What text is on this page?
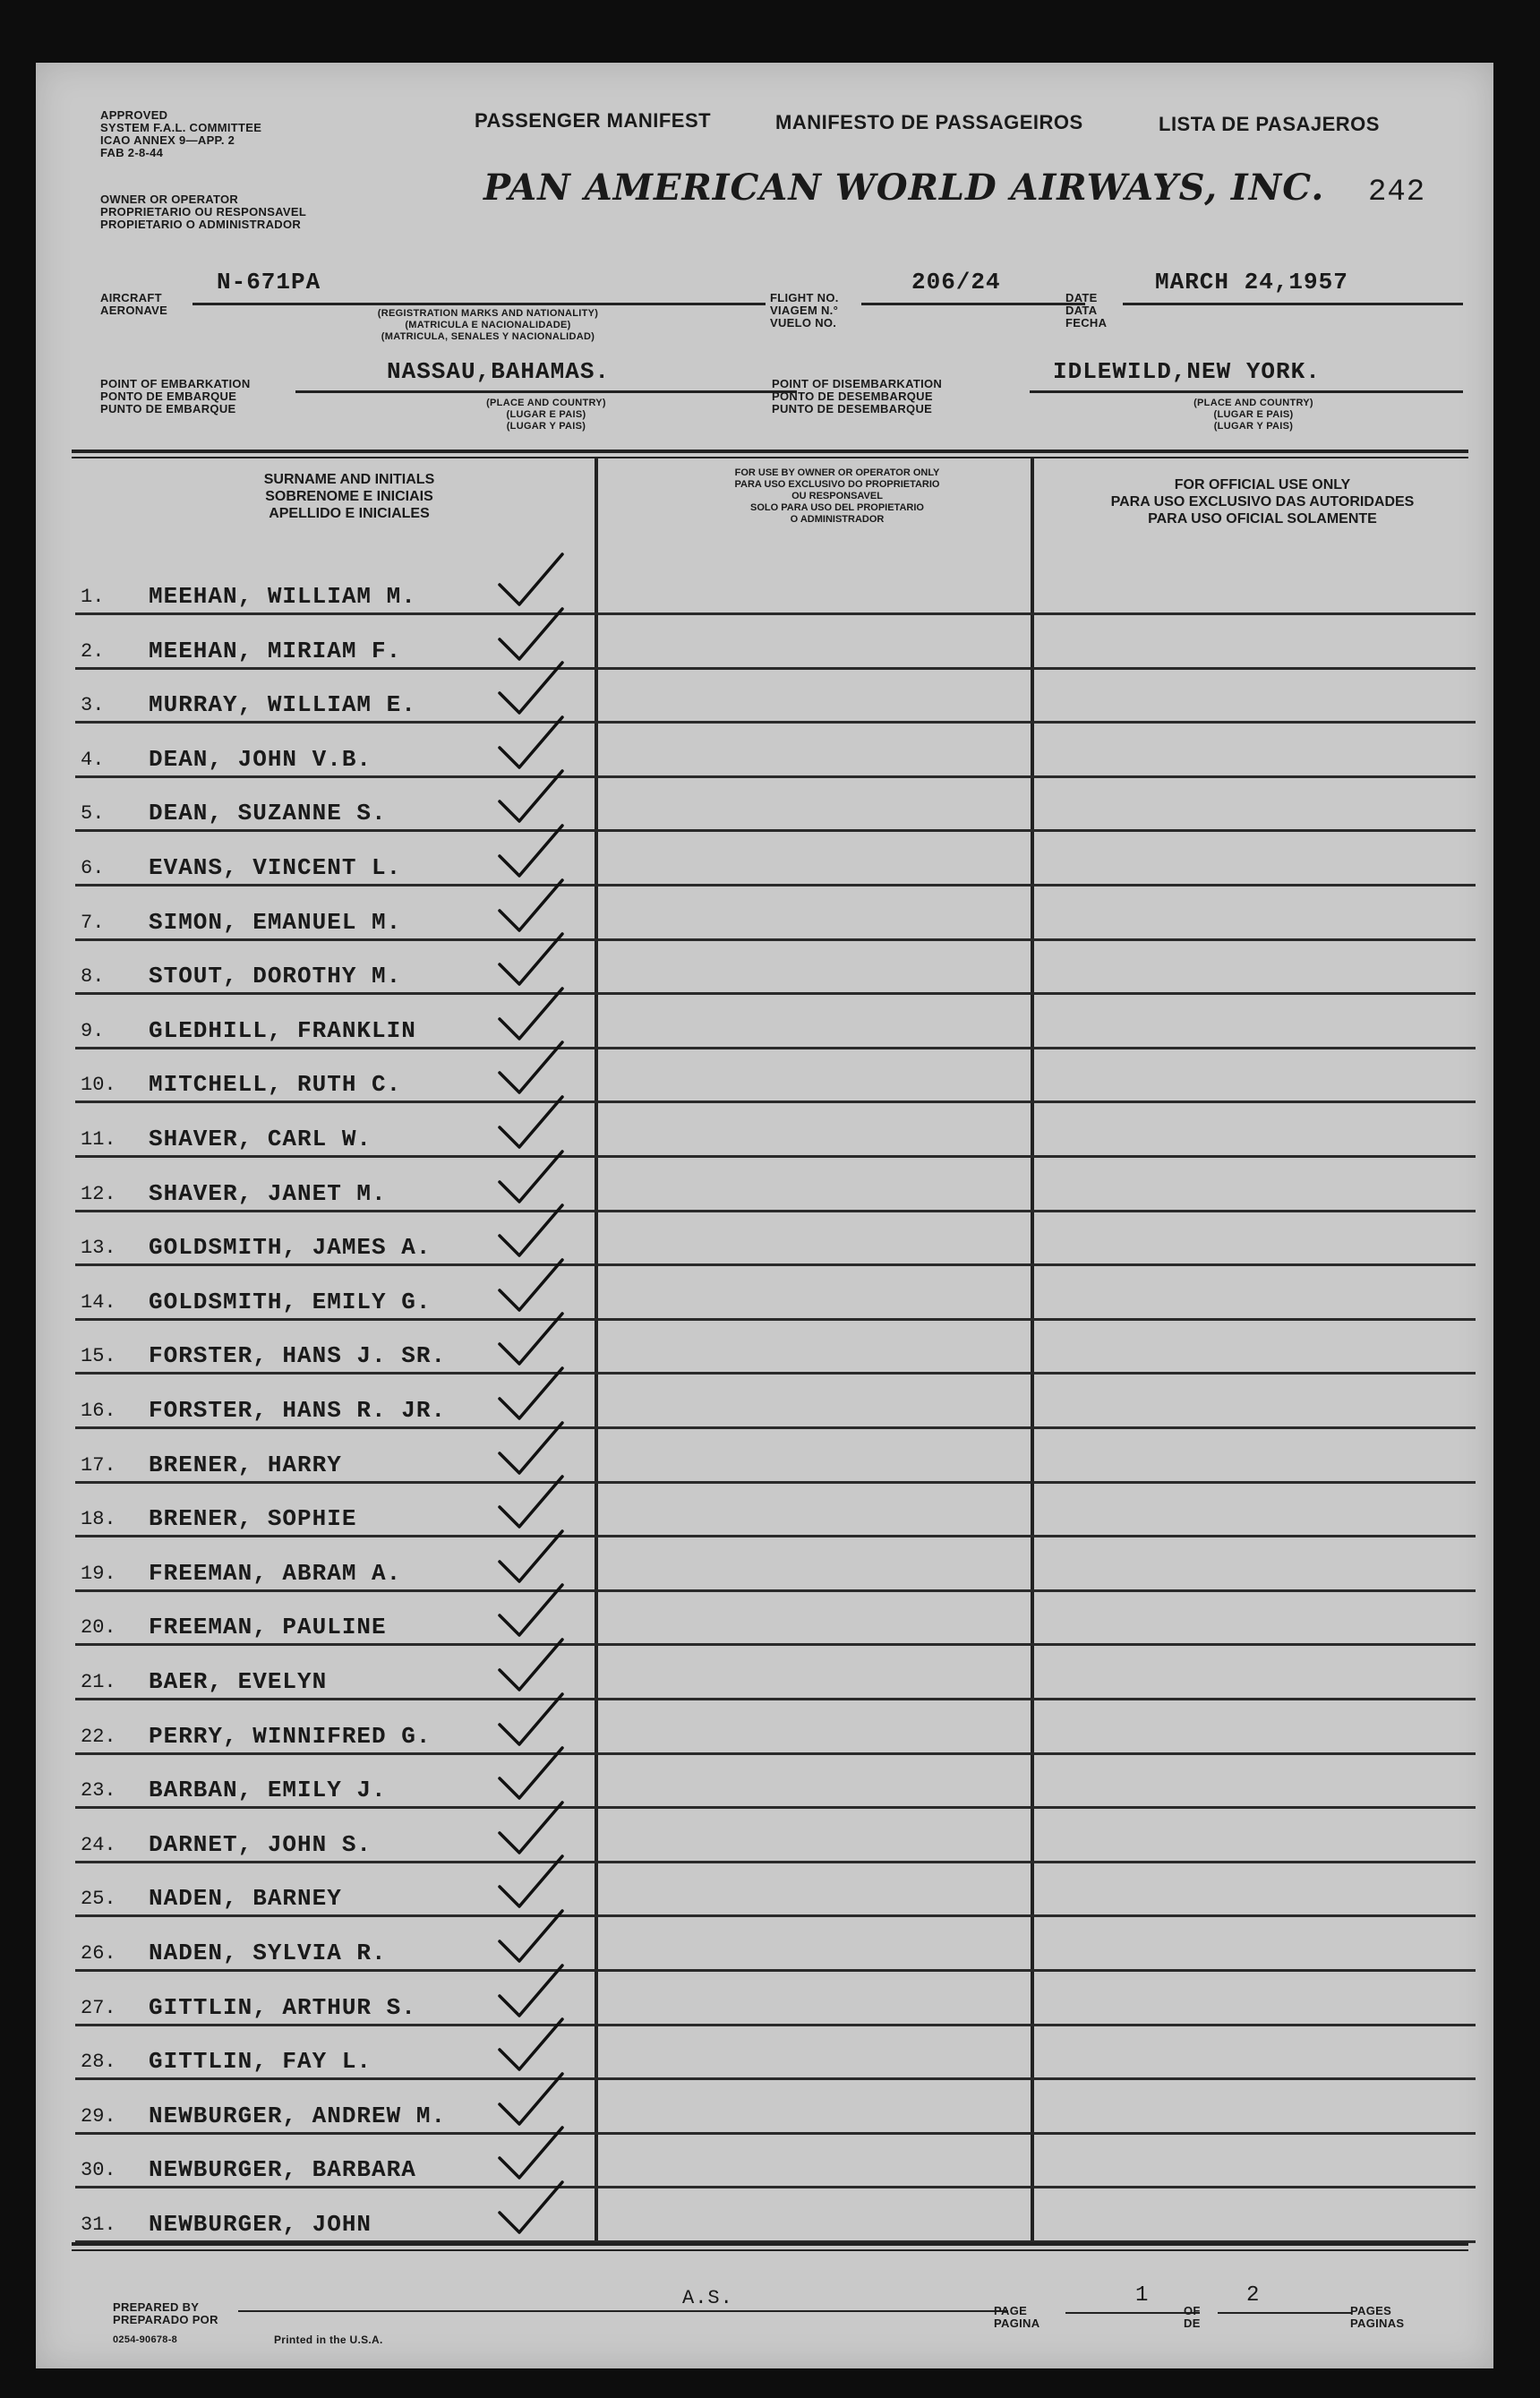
APPROVED
SYSTEM F.A.L. COMMITTEE
ICAO ANNEX 9—APP. 2
FAB 2-8-44
OWNER OR OPERATOR
PROPRIETARIO OU RESPONSAVEL
PROPIETARIO O ADMINISTRADOR
PASSENGER MANIFEST	MANIFESTO DE PASSAGEIROS	LISTA DE PASAJEROS
PAN AMERICAN WORLD AIRWAYS, INC. 242
AIRCRAFT
AERONAVE
N-671PA
(REGISTRATION MARKS AND NATIONALITY)
(MATRICULA E NACIONALIDADE)
(MATRICULA, SENALES Y NACIONALIDAD)
FLIGHT NO.
VIAGEM N.°
VUELO NO.
206/24
DATE
DATA
FECHA
MARCH 24,1957
POINT OF EMBARKATION
PONTO DE EMBARQUE
PUNTO DE EMBARQUE
NASSAU,BAHAMAS.
(PLACE AND COUNTRY)
(LUGAR E PAIS)
(LUGAR Y PAIS)
POINT OF DISEMBARKATION
PONTO DE DESEMBARQUE
PUNTO DE DESEMBARQUE
IDLEWILD,NEW YORK.
(PLACE AND COUNTRY)
(LUGAR E PAIS)
(LUGAR Y PAIS)
SURNAME AND INITIALS
SOBRENOME E INICIAIS
APELLIDO E INICIALES
FOR USE BY OWNER OR OPERATOR ONLY
PARA USO EXCLUSIVO DO PROPRIETARIO
OU RESPONSAVEL
SOLO PARA USO DEL PROPIETARIO
O ADMINISTRADOR
FOR OFFICIAL USE ONLY
PARA USO EXCLUSIVO DAS AUTORIDADES
PARA USO OFICIAL SOLAMENTE
1. MEEHAN, WILLIAM M.
2. MEEHAN, MIRIAM F.
3. MURRAY, WILLIAM E.
4. DEAN, JOHN V.B.
5. DEAN, SUZANNE S.
6. EVANS, VINCENT L.
7. SIMON, EMANUEL M.
8. STOUT, DOROTHY M.
9. GLEDHILL, FRANKLIN
10. MITCHELL, RUTH C.
11. SHAVER, CARL W.
12. SHAVER, JANET M.
13. GOLDSMITH, JAMES A.
14. GOLDSMITH, EMILY G.
15. FORSTER, HANS J. SR.
16. FORSTER, HANS R. JR.
17. BRENER, HARRY
18. BRENER, SOPHIE
19. FREEMAN, ABRAM A.
20. FREEMAN, PAULINE
21. BAER, EVELYN
22. PERRY, WINNIFRED G.
23. BARBAN, EMILY J.
24. DARNET, JOHN S.
25. NADEN, BARNEY
26. NADEN, SYLVIA R.
27. GITTLIN, ARTHUR S.
28. GITTLIN, FAY L.
29. NEWBURGER, ANDREW M.
30. NEWBURGER, BARBARA
31. NEWBURGER, JOHN
PREPARED BY
PREPARADO POR
0254-90678-8	Printed in the U.S.A.
A.S.
PAGE
PAGINA
1
OF
DE
2
PAGES
PAGINAS
